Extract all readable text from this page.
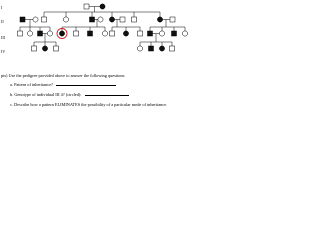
I
II
III
IV
pts) Use the pedigree provided above to answer the following questions:
a. Pattern of inheritance?
b. Genotype of individual III 4? (circled):
c. Describe how a pattern ELIMINATES the possibility of a particular mode of inheritance.
